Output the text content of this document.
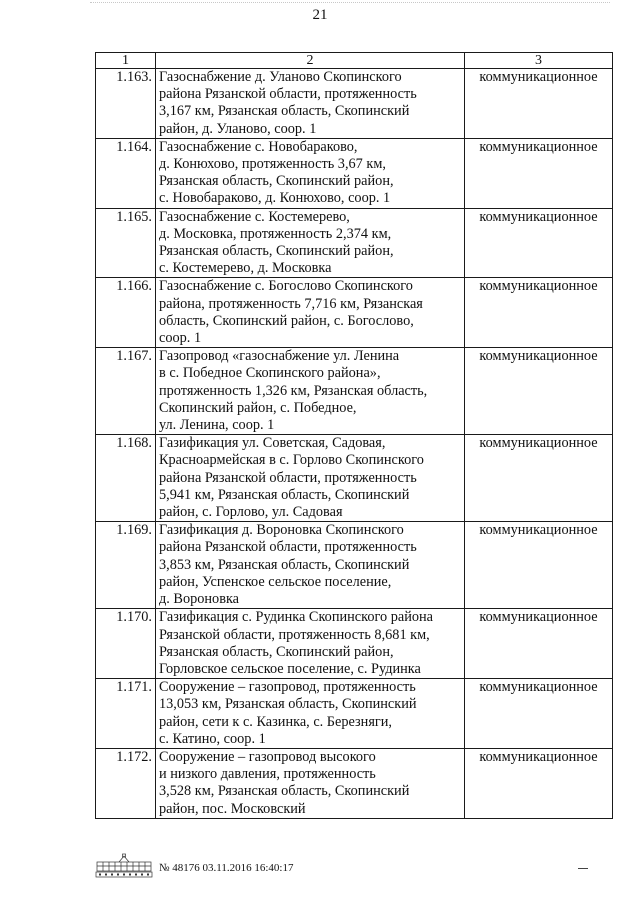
21
1	2	3
1.163.	Газоснабжение д. Уланово Скопинского
района Рязанской области, протяженность
3,167 км, Рязанская область, Скопинский
район, д. Уланово, соор. 1	коммуникационное
1.164.	Газоснабжение с. Новобараково,
д. Конюхово, протяженность 3,67 км,
Рязанская область, Скопинский район,
с. Новобараково, д. Конюхово, соор. 1	коммуникационное
1.165.	Газоснабжение с. Костемерево,
д. Московка, протяженность 2,374 км,
Рязанская область, Скопинский район,
с. Костемерево, д. Московка	коммуникационное
1.166.	Газоснабжение с. Богослово Скопинского
района, протяженность 7,716 км, Рязанская
область, Скопинский район, с. Богослово,
соор. 1	коммуникационное
1.167.	Газопровод «газоснабжение ул. Ленина
в с. Победное Скопинского района»,
протяженность 1,326 км, Рязанская область,
Скопинский район, с. Победное,
ул. Ленина, соор. 1	коммуникационное
1.168.	Газификация ул. Советская, Садовая,
Красноармейская в с. Горлово Скопинского
района Рязанской области, протяженность
5,941 км, Рязанская область, Скопинский
район, с. Горлово, ул. Садовая	коммуникационное
1.169.	Газификация д. Вороновка Скопинского
района Рязанской области, протяженность
3,853 км, Рязанская область, Скопинский
район, Успенское сельское поселение,
д. Вороновка	коммуникационное
1.170.	Газификация с. Рудинка Скопинского района
Рязанской области, протяженность 8,681 км,
Рязанская область, Скопинский район,
Горловское сельское поселение, с. Рудинка	коммуникационное
1.171.	Сооружение – газопровод, протяженность
13,053 км, Рязанская область, Скопинский
район, сети к с. Казинка, с. Березняги,
с. Катино, соор. 1	коммуникационное
1.172.	Сооружение – газопровод высокого
и низкого давления, протяженность
3,528 км, Рязанская область, Скопинский
район, пос. Московский	коммуникационное
№ 48176 03.11.2016 16:40:17
